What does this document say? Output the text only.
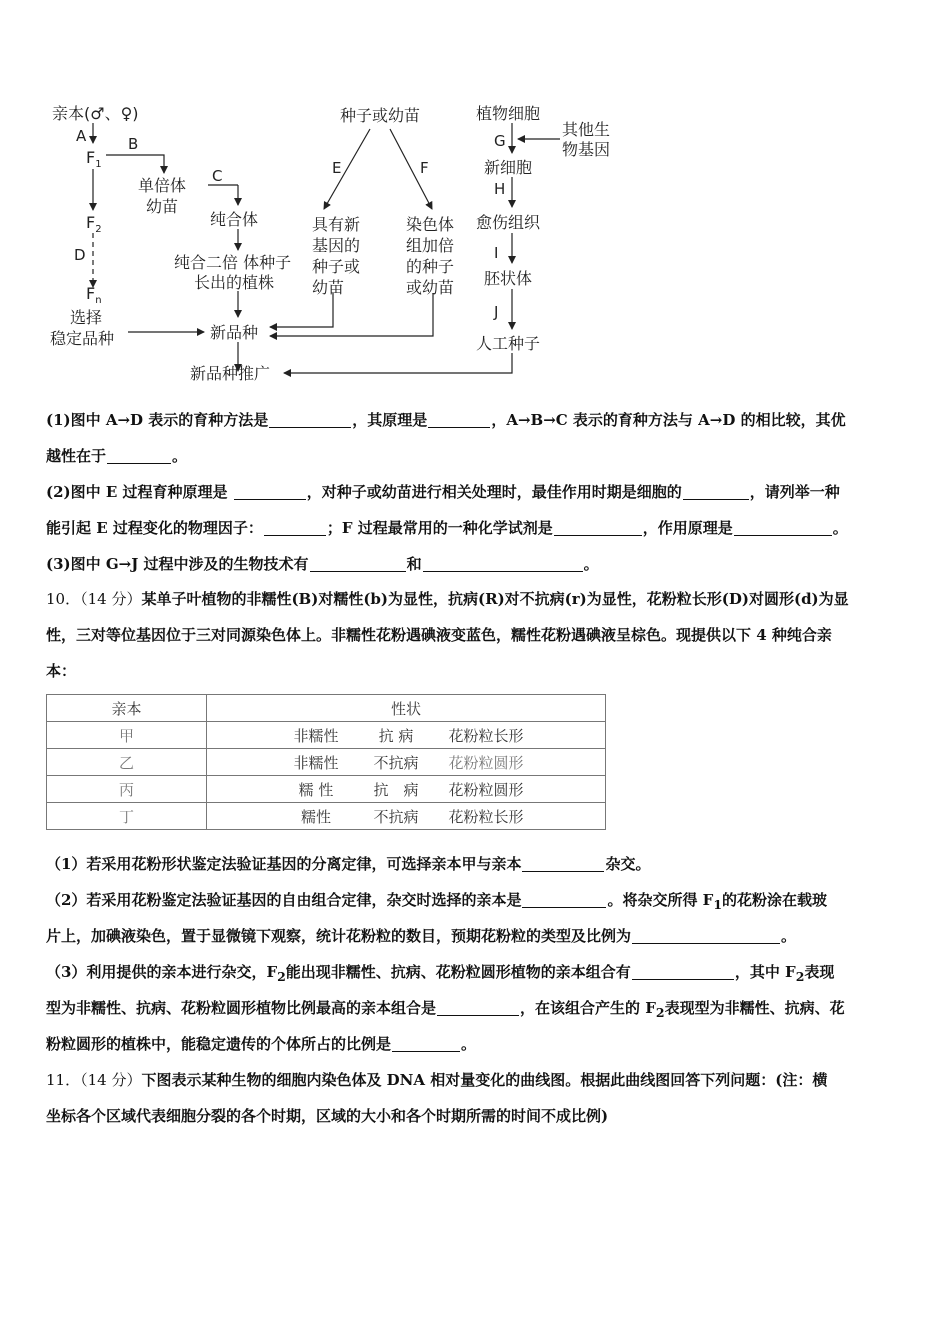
亲本(♂、♀)
A
$F_1$
B
单倍体
幼苗
C
纯合体
纯合二倍 体种子
长出的植株
$F_2$
D
$F_n$
选择
稳定品种	新品种
新品种推广
种子或幼苗
E	F
具有新
基因的
种子或
幼苗
染色体
组加倍
的种子
或幼苗
植物细胞
其他生
物基因
G
新细胞
H
愈伤组织
I
胚状体
J
人工种子

(1)图中 A→D 表示的育种方法是	，其原理是	，A→B→C 表示的育种方法与 A→D 的相比较，其优

越性在于	。

(2)图中 E 过程育种原理是	，对种子或幼苗进行相关处理时，最佳作用时期是细胞的	，请列举一种

能引起 E 过程变化的物理因子：	；F 过程最常用的一种化学试剂是	，作用原理是	。

(3)图中 G→J 过程中涉及的生物技术有	和	。

10．（14 分）某单子叶植物的非糯性(B)对糯性(b)为显性，抗病(R)对不抗病(r)为显性，花粉粒长形(D)对圆形(d)为显

性，三对等位基因位于三对同源染色体上。非糯性花粉遇碘液变蓝色，糯性花粉遇碘液呈棕色。现提供以下 4 种纯合亲

本：

亲本	性状
甲	非糯性 抗 病 花粉粒长形
乙	非糯性 不抗病 花粉粒圆形
丙	糯 性 抗　病 花粉粒圆形
丁	糯性 不抗病 花粉粒长形

（1）若采用花粉形状鉴定法验证基因的分离定律，可选择亲本甲与亲本	杂交。

（2）若采用花粉鉴定法验证基因的自由组合定律，杂交时选择的亲本是	。将杂交所得 $F_1$的花粉涂在载玻

片上，加碘液染色，置于显微镜下观察，统计花粉粒的数目，预期花粉粒的类型及比例为	。

（3）利用提供的亲本进行杂交，$F_2$能出现非糯性、抗病、花粉粒圆形植物的亲本组合有	，其中 $F_2$表现

型为非糯性、抗病、花粉粒圆形植物比例最高的亲本组合是	，在该组合产生的 $F_2$表现型为非糯性、抗病、花

粉粒圆形的植株中，能稳定遗传的个体所占的比例是	。

11．（14 分）下图表示某种生物的细胞内染色体及 DNA 相对量变化的曲线图。根据此曲线图回答下列问题：(注：横

坐标各个区域代表细胞分裂的各个时期，区域的大小和各个时期所需的时间不成比例)
